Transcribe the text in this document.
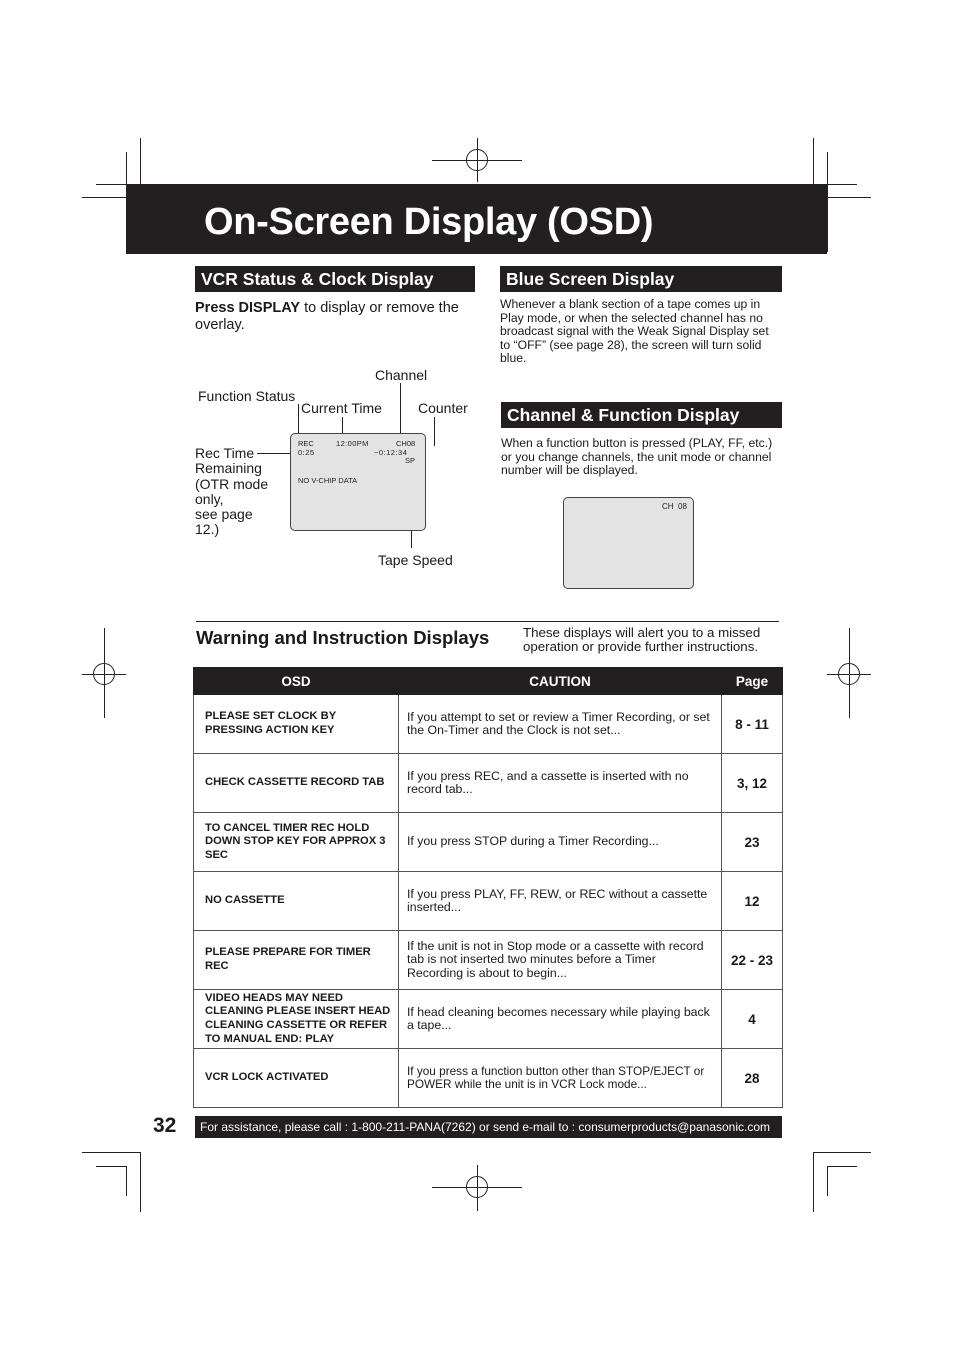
On-Screen Display (OSD)
VCR Status & Clock Display
Press DISPLAY to display or remove the overlay.
Channel
Function Status
Current Time	Counter
Rec Time
Remaining
(OTR mode
only,
see page
12.)
Tape Speed
REC	12:00PM	CH08
0:25	−0:12:34
SP
NO V-CHIP DATA
Blue Screen Display
Whenever a blank section of a tape comes up in Play mode, or when the selected channel has no broadcast signal with the Weak Signal Display set to “OFF” (see page 28), the screen will turn solid blue.
Channel & Function Display
When a function button is pressed (PLAY, FF, etc.) or you change channels, the unit mode or channel number will be displayed.
CH  08
Warning and Instruction Displays	These displays will alert you to a missed operation or provide further instructions.
OSD	CAUTION	Page
PLEASE SET CLOCK BY
PRESSING ACTION KEY	If you attempt to set or review a Timer Recording, or set the On-Timer and the Clock is not set...	8 - 11
CHECK CASSETTE RECORD TAB	If you press REC, and a cassette is inserted with no record tab...	3, 12
TO CANCEL TIMER REC HOLD
DOWN STOP KEY FOR APPROX 3
SEC	If you press STOP during a Timer Recording...	23
NO CASSETTE	If you press PLAY, FF, REW, or REC without a cassette inserted...	12
PLEASE PREPARE FOR TIMER
REC	If the unit is not in Stop mode or a cassette with record tab is not inserted two minutes before a Timer Recording is about to begin...	22 - 23
VIDEO HEADS MAY NEED
CLEANING PLEASE INSERT HEAD
CLEANING CASSETTE OR REFER
TO MANUAL END: PLAY	If head cleaning becomes necessary while playing back a tape...	4
VCR LOCK ACTIVATED	If you press a function button other than STOP/EJECT or POWER while the unit is in VCR Lock mode...	28
32	For assistance, please call : 1-800-211-PANA(7262) or send e-mail to : consumerproducts@panasonic.com
